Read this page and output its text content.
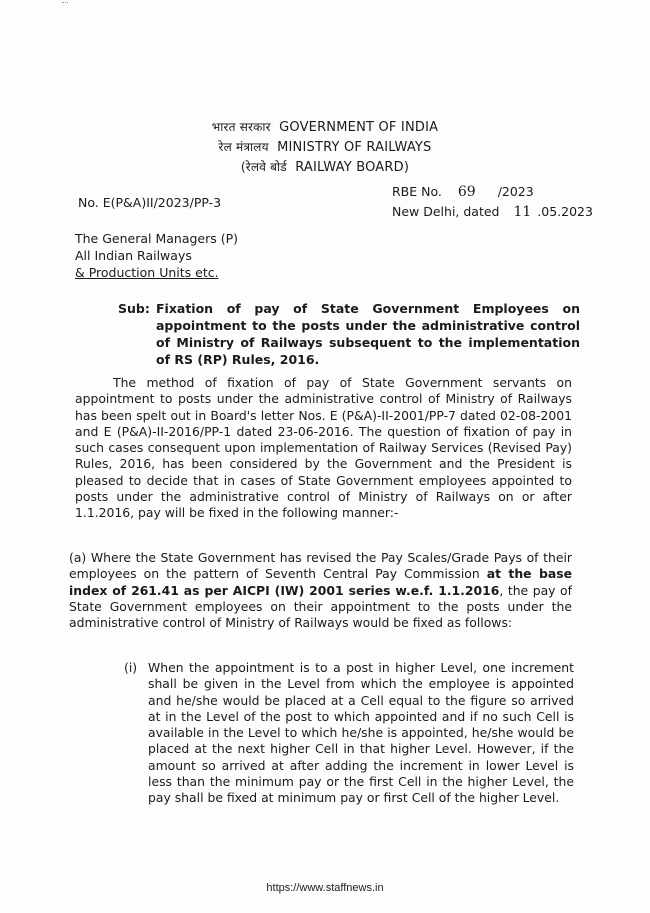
भारत सरकार GOVERNMENT OF INDIA
रेल मंत्रालय MINISTRY OF RAILWAYS
(रेलवे बोर्ड RAILWAY BOARD)
No. E(P&A)II/2023/PP-3
RBE No. 69 /2023
New Delhi, dated 11 .05.2023
The General Managers (P)
All Indian Railways
& Production Units etc.
Sub: Fixation of pay of State Government Employees on appointment to the posts under the administrative control of Ministry of Railways subsequent to the implementation of RS (RP) Rules, 2016.
The method of fixation of pay of State Government servants on appointment to posts under the administrative control of Ministry of Railways has been spelt out in Board's letter Nos. E (P&A)-II-2001/PP-7 dated 02-08-2001 and E (P&A)-II-2016/PP-1 dated 23-06-2016. The question of fixation of pay in such cases consequent upon implementation of Railway Services (Revised Pay) Rules, 2016, has been considered by the Government and the President is pleased to decide that in cases of State Government employees appointed to posts under the administrative control of Ministry of Railways on or after 1.1.2016, pay will be fixed in the following manner:-
(a) Where the State Government has revised the Pay Scales/Grade Pays of their employees on the pattern of Seventh Central Pay Commission at the base index of 261.41 as per AICPI (IW) 2001 series w.e.f. 1.1.2016, the pay of State Government employees on their appointment to the posts under the administrative control of Ministry of Railways would be fixed as follows:
(i) When the appointment is to a post in higher Level, one increment shall be given in the Level from which the employee is appointed and he/she would be placed at a Cell equal to the figure so arrived at in the Level of the post to which appointed and if no such Cell is available in the Level to which he/she is appointed, he/she would be placed at the next higher Cell in that higher Level. However, if the amount so arrived at after adding the increment in lower Level is less than the minimum pay or the first Cell in the higher Level, the pay shall be fixed at minimum pay or first Cell of the higher Level.
https://www.staffnews.in
